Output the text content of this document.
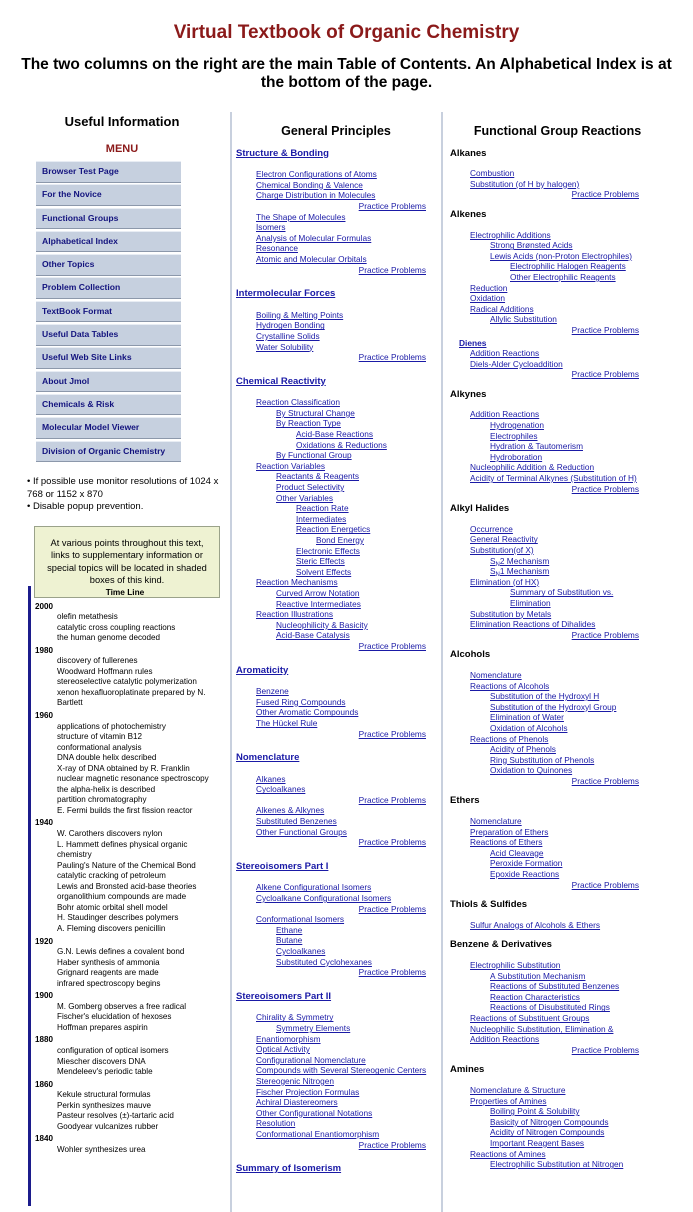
Virtual Textbook of Organic Chemistry

The two columns on the right are the main Table of Contents. An Alphabetical Index is at the bottom of the page.

Useful Information
MENU
Browser Test Page
For the Novice
Functional Groups
Alphabetical Index
Other Topics
Problem Collection
TextBook Format
Useful Data Tables
Useful Web Site Links
About Jmol
Chemicals & Risk
Molecular Model Viewer
Division of Organic Chemistry
• If possible use monitor resolutions of 1024 x 768 or 1152 x 870
• Disable popup prevention.
At various points throughout this text, links to supplementary information or special topics will be located in shaded boxes of this kind.
Time Line
2000
olefin metathesis
catalytic cross coupling reactions
the human genome decoded
1980
discovery of fullerenes
Woodward Hoffmann rules
stereoselective catalytic polymerization
xenon hexafluoroplatinate prepared by N. Bartlett
1960
applications of photochemistry
structure of vitamin B12
conformational analysis
DNA double helix described
X-ray of DNA obtained by R. Franklin
nuclear magnetic resonance spectroscopy
the alpha-helix is described
partition chromatography
E. Fermi builds the first fission reactor
1940
W. Carothers discovers nylon
L. Hammett defines physical organic chemistry
Pauling's Nature of the Chemical Bond
catalytic cracking of petroleum
Lewis and Bronsted acid-base theories
organolithium compounds are made
Bohr atomic orbital shell model
H. Staudinger describes polymers
A. Fleming discovers penicillin
1920
G.N. Lewis defines a covalent bond
Haber synthesis of ammonia
Grignard reagents are made
infrared spectroscopy begins
1900
M. Gomberg observes a free radical
Fischer's elucidation of hexoses
Hoffman prepares aspirin
1880
configuration of optical isomers
Miescher discovers DNA
Mendeleev's periodic table
1860
Kekule structural formulas
Perkin synthesizes mauve
Pasteur resolves (±)-tartaric acid
Goodyear vulcanizes rubber
1840
Wohler synthesizes urea
General Principles
Structure & Bonding
Electron Configurations of Atoms
Chemical Bonding & Valence
Charge Distribution in Molecules
Practice Problems
The Shape of Molecules
Isomers
Analysis of Molecular Formulas
Resonance
Atomic and Molecular Orbitals
Practice Problems
Intermolecular Forces
Boiling & Melting Points
Hydrogen Bonding
Crystalline Solids
Water Solubility
Practice Problems
Chemical Reactivity
Reaction Classification
By Structural Change
By Reaction Type
Acid-Base Reactions
Oxidations & Reductions
By Functional Group
Reaction Variables
Reactants & Reagents
Product Selectivity
Other Variables
Reaction Rate
Intermediates
Reaction Energetics
Bond Energy
Electronic Effects
Steric Effects
Solvent Effects
Reaction Mechanisms
Curved Arrow Notation
Reactive Intermediates
Reaction Illustrations
Nucleophilicity & Basicity
Acid-Base Catalysis
Practice Problems
Aromaticity
Benzene
Fused Ring Compounds
Other Aromatic Compounds
The Hückel Rule
Practice Problems
Nomenclature
Alkanes
Cycloalkanes
Practice Problems
Alkenes & Alkynes
Substituted Benzenes
Other Functional Groups
Practice Problems
Stereoisomers Part I
Alkene Configurational Isomers
Cycloalkane Configurational Isomers
Practice Problems
Conformational Isomers
Ethane
Butane
Cycloalkanes
Substituted Cyclohexanes
Practice Problems
Stereoisomers Part II
Chirality & Symmetry
Symmetry Elements
Enantiomorphism
Optical Activity
Configurational Nomenclature
Compounds with Several Stereogenic Centers
Stereogenic Nitrogen
Fischer Projection Formulas
Achiral Diastereomers
Other Configurational Notations
Resolution
Conformational Enantiomorphism
Practice Problems
Summary of Isomerism
Functional Group Reactions
Alkanes
Combustion
Substitution (of H by halogen)
Practice Problems
Alkenes
Electrophilic Additions
Strong Brønsted Acids
Lewis Acids (non-Proton Electrophiles)
Electrophilic Halogen Reagents
Other Electrophilic Reagents
Reduction
Oxidation
Radical Additions
Allylic Substitution
Practice Problems
Dienes
Addition Reactions
Diels-Alder Cycloaddition
Practice Problems
Alkynes
Addition Reactions
Hydrogenation
Electrophiles
Hydration & Tautomerism
Hydroboration
Nucleophilic Addition & Reduction
Acidity of Terminal Alkynes (Substitution of H)
Practice Problems
Alkyl Halides
Occurrence
General Reactivity
Substitution(of X)
$S_N2$ Mechanism
$S_N1$ Mechanism
Elimination (of HX)
Summary of Substitution vs.
Elimination
Substitution by Metals
Elimination Reactions of Dihalides
Practice Problems
Alcohols
Nomenclature
Reactions of Alcohols
Substitution of the Hydroxyl H
Substitution of the Hydroxyl Group
Elimination of Water
Oxidation of Alcohols
Reactions of Phenols
Acidity of Phenols
Ring Substitution of Phenols
Oxidation to Quinones
Practice Problems
Ethers
Nomenclature
Preparation of Ethers
Reactions of Ethers
Acid Cleavage
Peroxide Formation
Epoxide Reactions
Practice Problems
Thiols & Sulfides
Sulfur Analogs of Alcohols & Ethers
Benzene & Derivatives
Electrophilic Substitution
A Substitution Mechanism
Reactions of Substituted Benzenes
Reaction Characteristics
Reactions of Disubstituted Rings
Reactions of Substituent Groups
Nucleophilic Substitution, Elimination &
Addition Reactions
Practice Problems
Amines
Nomenclature & Structure
Properties of Amines
Boiling Point & Solubility
Basicity of Nitrogen Compounds
Acidity of Nitrogen Compounds
Important Reagent Bases
Reactions of Amines
Electrophilic Substitution at Nitrogen
